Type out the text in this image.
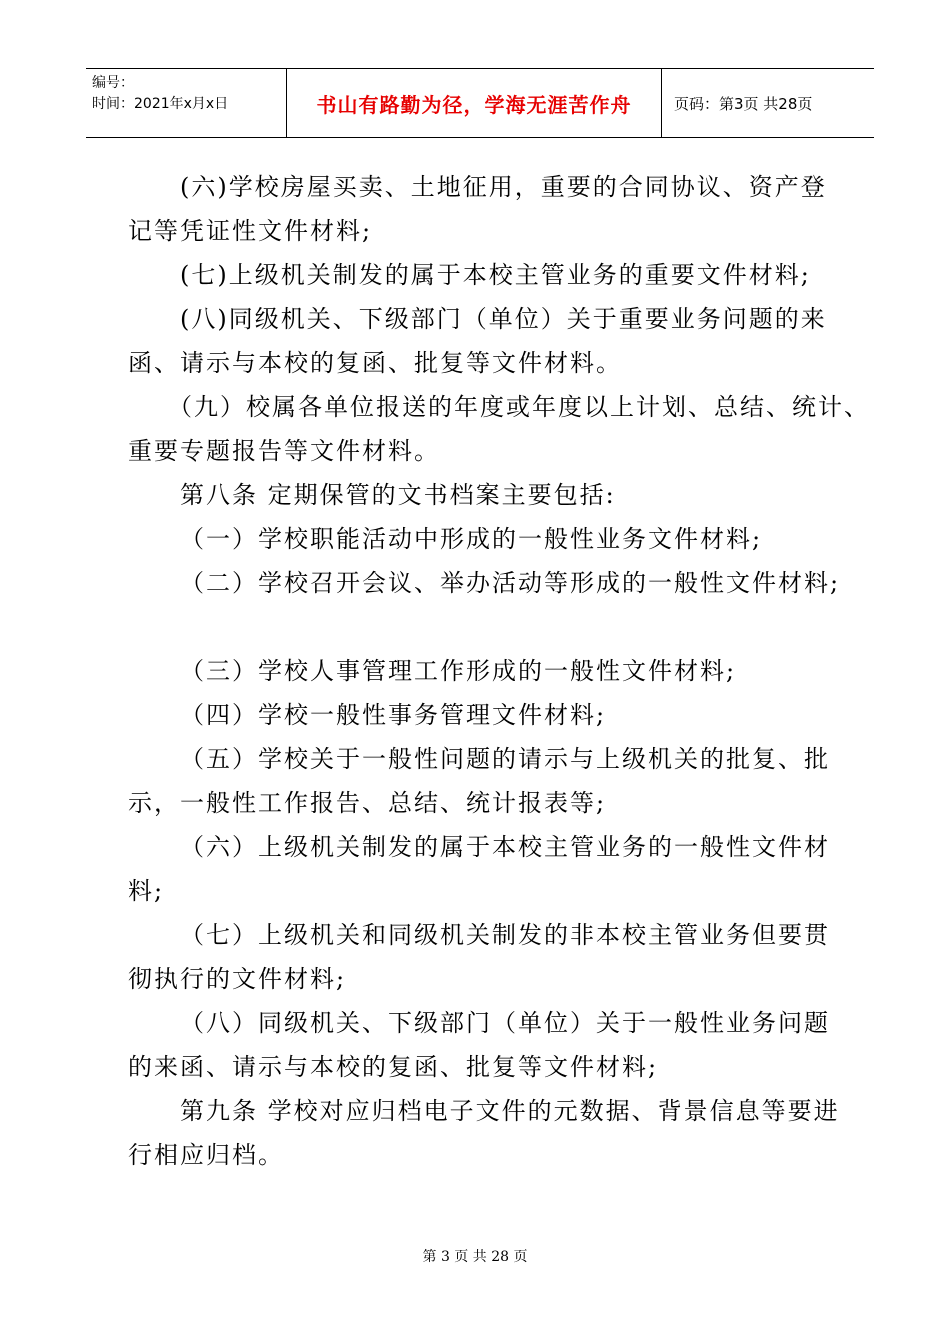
编号：
时间：2021年x月x日	书山有路勤为径，学海无涯苦作舟	页码：第3页 共28页

(六)学校房屋买卖、土地征用，重要的合同协议、资产登

记等凭证性文件材料;

(七)上级机关制发的属于本校主管业务的重要文件材料;

(八)同级机关、下级部门（单位）关于重要业务问题的来

函、请示与本校的复函、批复等文件材料。

（九）校属各单位报送的年度或年度以上计划、总结、统计、

重要专题报告等文件材料。

第八条 定期保管的文书档案主要包括:

（一）学校职能活动中形成的一般性业务文件材料;

（二）学校召开会议、举办活动等形成的一般性文件材料;

（三）学校人事管理工作形成的一般性文件材料;

（四）学校一般性事务管理文件材料;

（五）学校关于一般性问题的请示与上级机关的批复、批

示，一般性工作报告、总结、统计报表等;

（六）上级机关制发的属于本校主管业务的一般性文件材

料;

（七）上级机关和同级机关制发的非本校主管业务但要贯

彻执行的文件材料;

（八）同级机关、下级部门（单位）关于一般性业务问题

的来函、请示与本校的复函、批复等文件材料;

第九条 学校对应归档电子文件的元数据、背景信息等要进

行相应归档。

第 3 页 共 28 页
